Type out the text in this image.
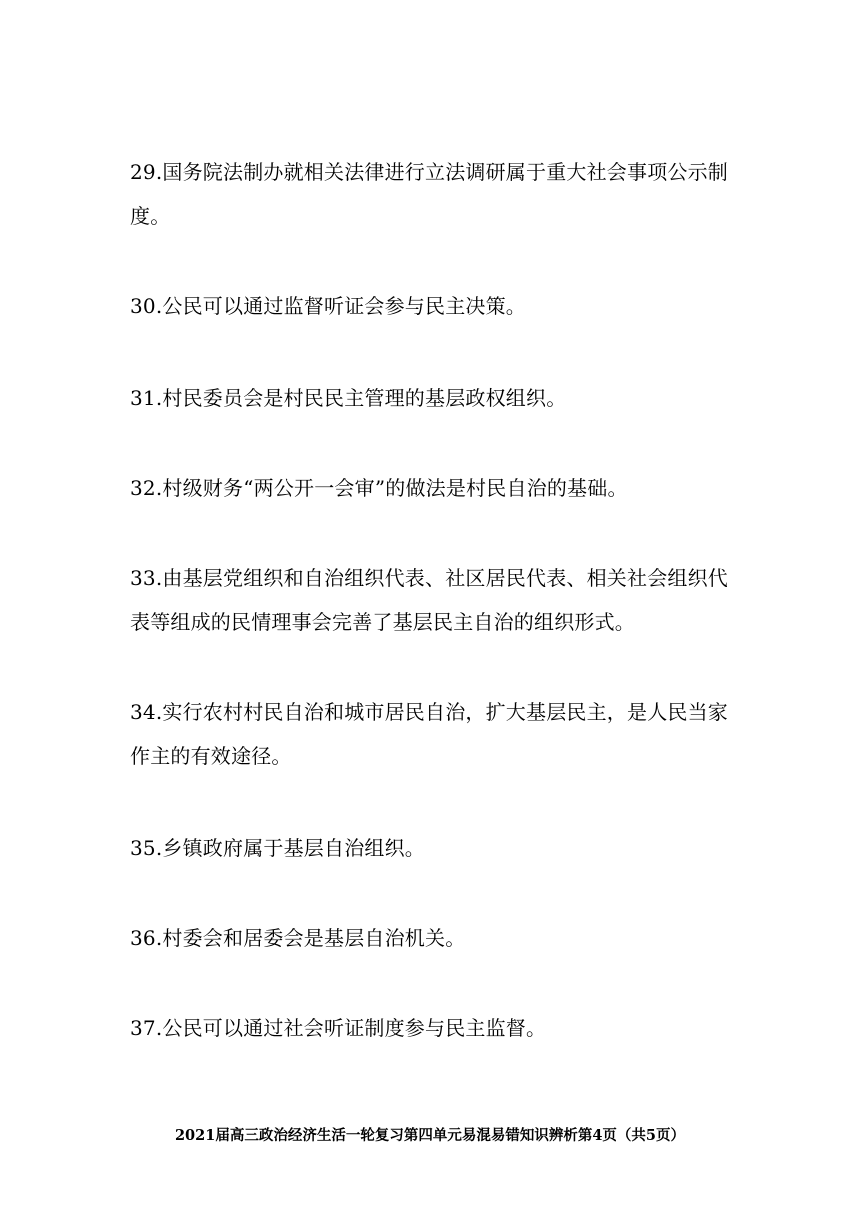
29.国务院法制办就相关法律进行立法调研属于重大社会事项公示制度。

30.公民可以通过监督听证会参与民主决策。

31.村民委员会是村民民主管理的基层政权组织。

32.村级财务“两公开一会审”的做法是村民自治的基础。

33.由基层党组织和自治组织代表、社区居民代表、相关社会组织代表等组成的民情理事会完善了基层民主自治的组织形式。

34.实行农村村民自治和城市居民自治，扩大基层民主，是人民当家作主的有效途径。

35.乡镇政府属于基层自治组织。

36.村委会和居委会是基层自治机关。

37.公民可以通过社会听证制度参与民主监督。

2021届高三政治经济生活一轮复习第四单元易混易错知识辨析第4页（共5页）
